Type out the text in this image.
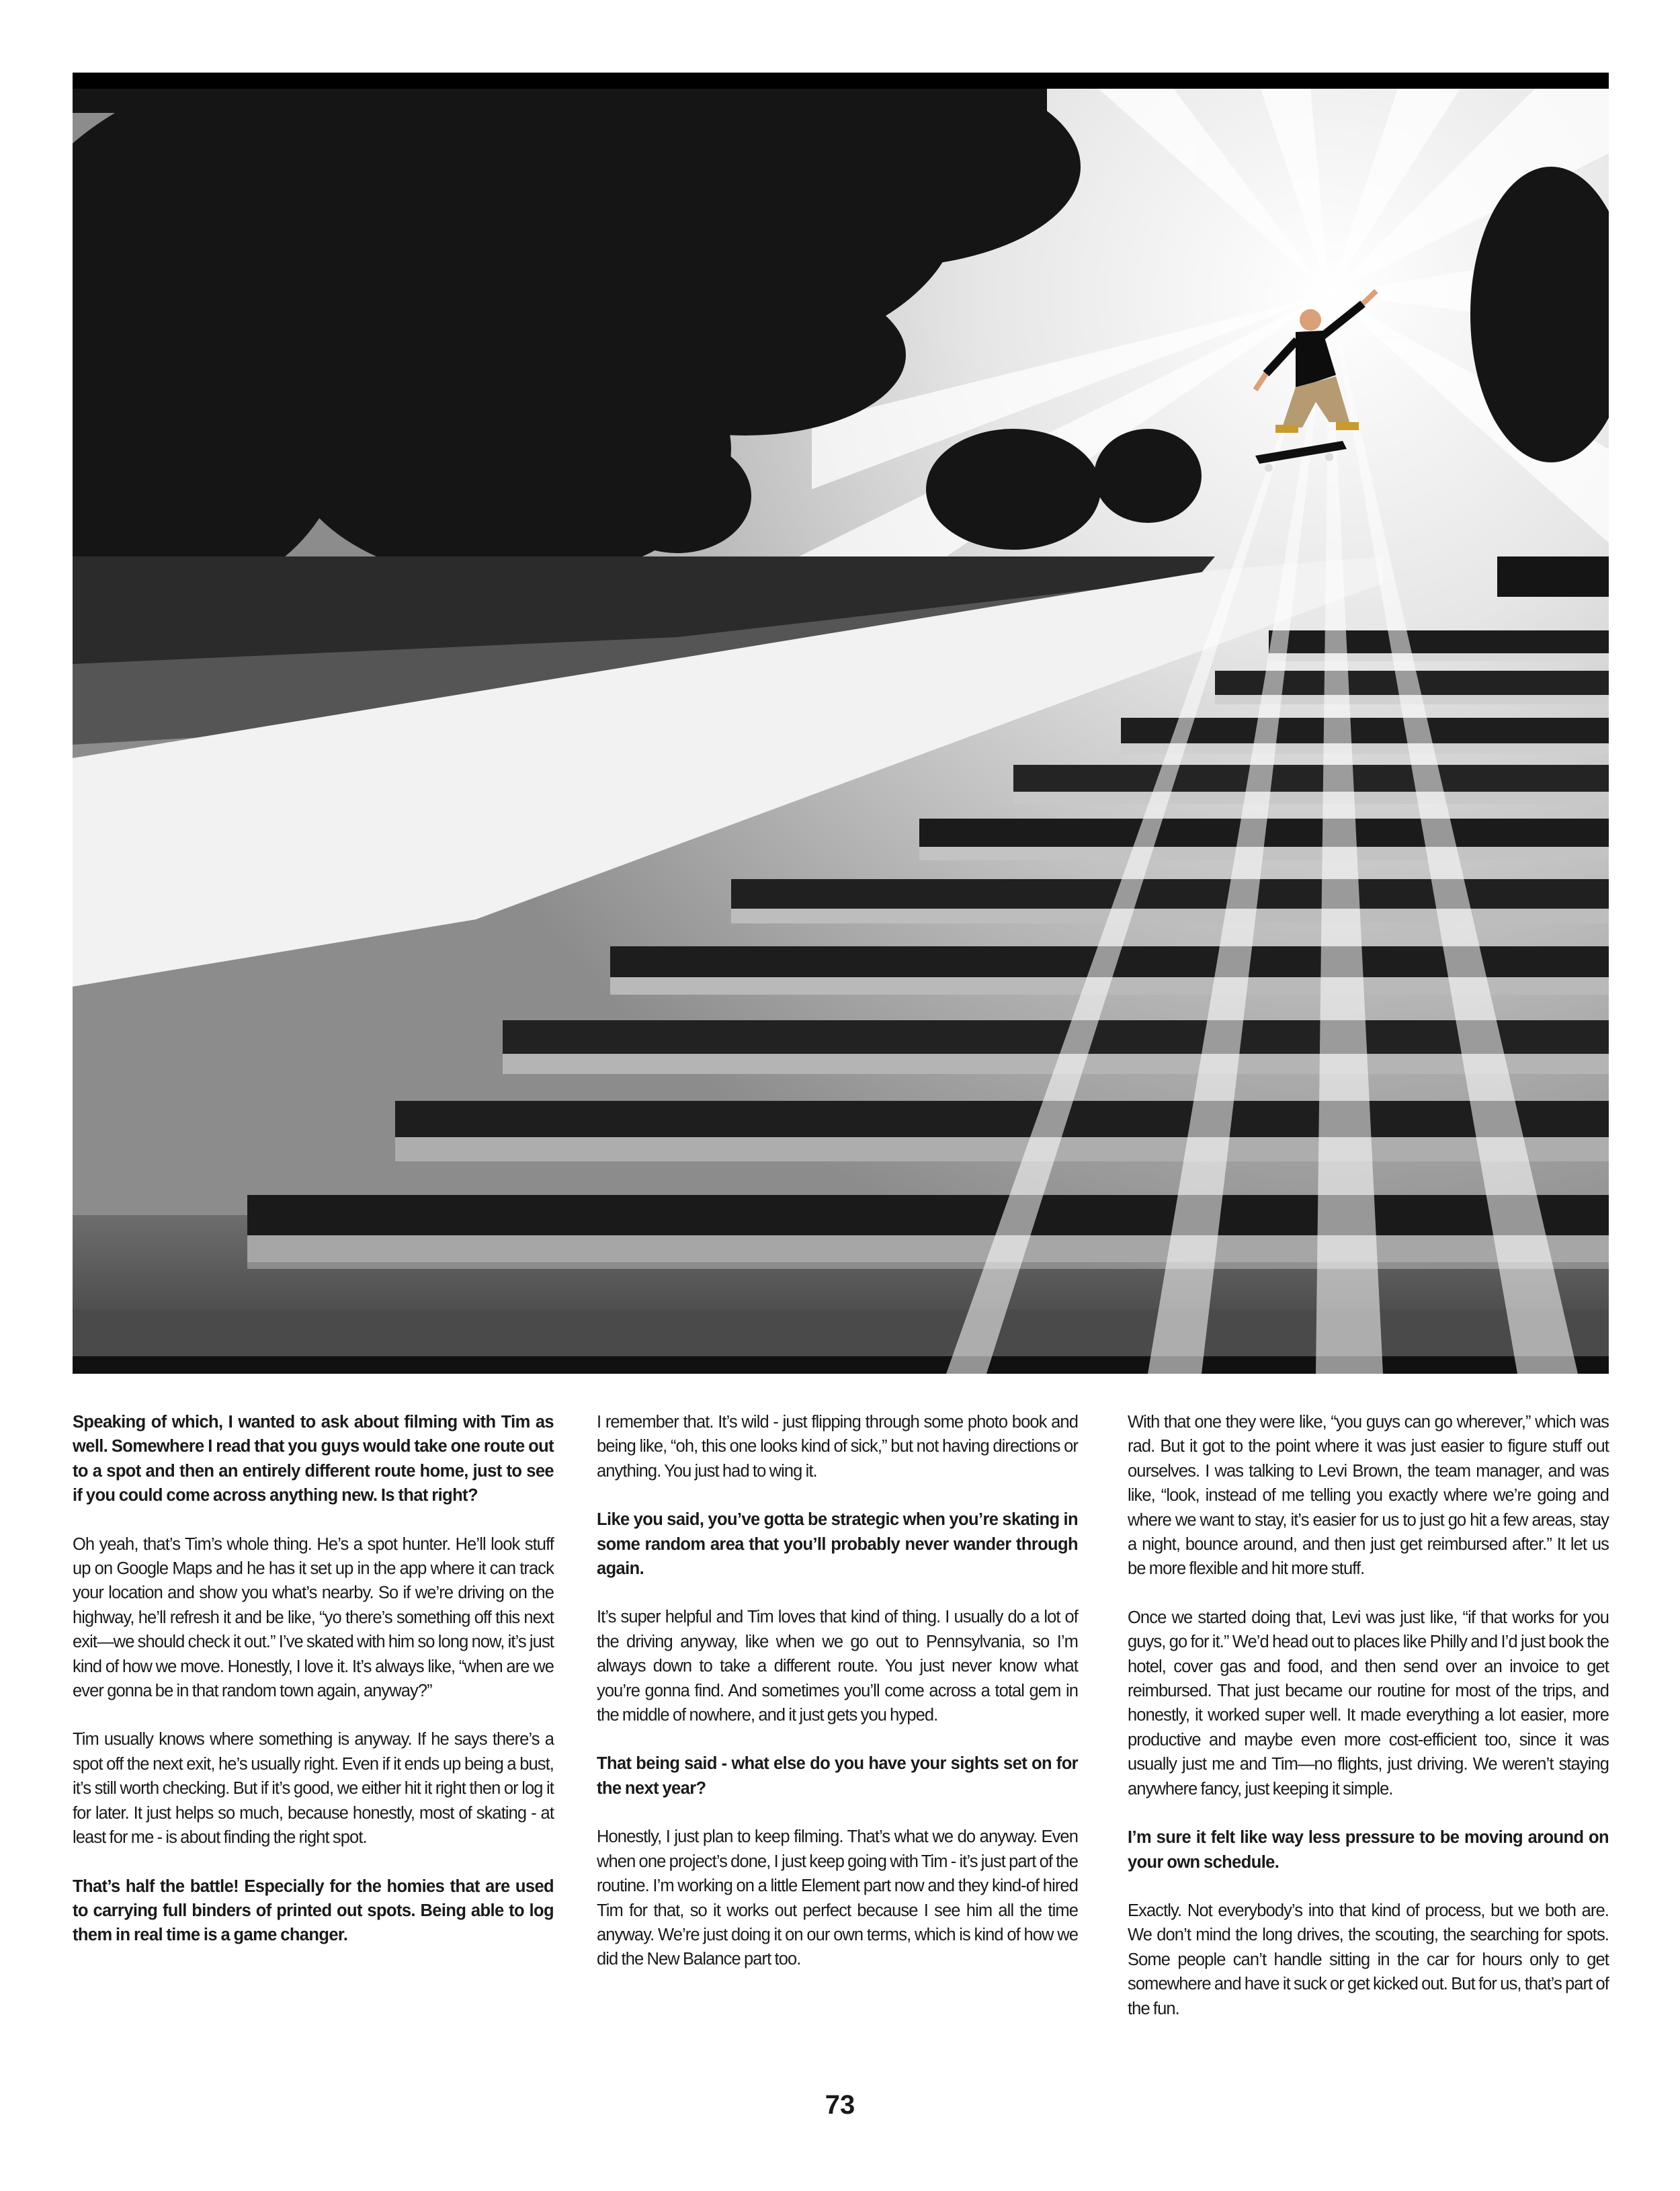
Speaking of which, I wanted to ask about filming with Tim as well. Somewhere I read that you guys would take one route out to a spot and then an entirely different route home, just to see if you could come across anything new. Is that right?

Oh yeah, that’s Tim’s whole thing. He’s a spot hunter. He’ll look stuff up on Google Maps and he has it set up in the app where it can track your location and show you what’s nearby. So if we’re driving on the highway, he’ll refresh it and be like, “yo there’s something off this next exit—we should check it out.” I’ve skated with him so long now, it’s just kind of how we move. Honestly, I love it. It’s always like, “when are we ever gonna be in that random town again, anyway?”

Tim usually knows where something is anyway. If he says there’s a spot off the next exit, he’s usually right. Even if it ends up being a bust, it’s still worth checking. But if it’s good, we either hit it right then or log it for later. It just helps so much, because honestly, most of skating - at least for me - is about finding the right spot.

That’s half the battle! Especially for the homies that are used to carrying full binders of printed out spots. Being able to log them in real time is a game changer.

I remember that. It’s wild - just flipping through some photo book and being like, “oh, this one looks kind of sick,” but not having directions or anything. You just had to wing it.

Like you said, you’ve gotta be strategic when you’re skating in some random area that you’ll probably never wander through again.

It’s super helpful and Tim loves that kind of thing. I usually do a lot of the driving anyway, like when we go out to Pennsylvania, so I’m always down to take a different route. You just never know what you’re gonna find. And sometimes you’ll come across a total gem in the middle of nowhere, and it just gets you hyped.

That being said - what else do you have your sights set on for the next year?

Honestly, I just plan to keep filming. That’s what we do anyway. Even when one project’s done, I just keep going with Tim - it’s just part of the routine. I’m working on a little Element part now and they kind-of hired Tim for that, so it works out perfect because I see him all the time anyway. We’re just doing it on our own terms, which is kind of how we did the New Balance part too.

With that one they were like, “you guys can go wherever,” which was rad. But it got to the point where it was just easier to figure stuff out ourselves. I was talking to Levi Brown, the team manager, and was like, “look, instead of me telling you exactly where we’re going and where we want to stay, it’s easier for us to just go hit a few areas, stay a night, bounce around, and then just get reimbursed after.” It let us be more flexible and hit more stuff.

Once we started doing that, Levi was just like, “if that works for you guys, go for it.” We’d head out to places like Philly and I’d just book the hotel, cover gas and food, and then send over an invoice to get reimbursed. That just became our routine for most of the trips, and honestly, it worked super well. It made everything a lot easier, more productive and maybe even more cost-efficient too, since it was usually just me and Tim—no flights, just driving. We weren’t staying anywhere fancy, just keeping it simple.

I’m sure it felt like way less pressure to be moving around on your own schedule.

Exactly. Not everybody’s into that kind of process, but we both are. We don’t mind the long drives, the scouting, the searching for spots. Some people can’t handle sitting in the car for hours only to get somewhere and have it suck or get kicked out. But for us, that’s part of the fun.

73
